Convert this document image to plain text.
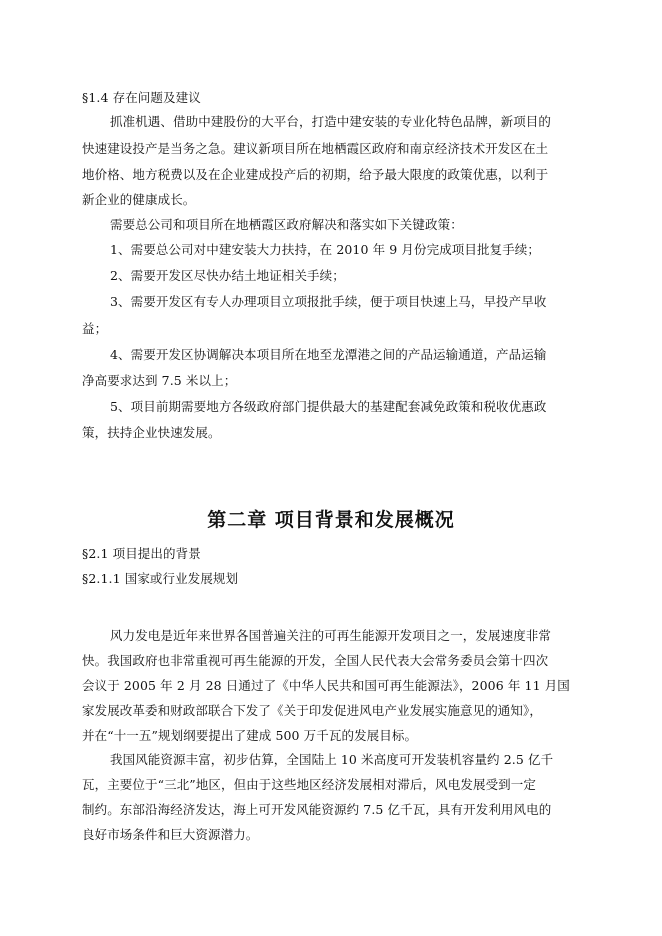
§1.4 存在问题及建议
抓准机遇、借助中建股份的大平台，打造中建安装的专业化特色品牌，新项目的
快速建设投产是当务之急。建议新项目所在地栖霞区政府和南京经济技术开发区在土
地价格、地方税费以及在企业建成投产后的初期，给予最大限度的政策优惠，以利于
新企业的健康成长。
需要总公司和项目所在地栖霞区政府解决和落实如下关键政策：
1、需要总公司对中建安装大力扶持，在 2010 年 9 月份完成项目批复手续；
2、需要开发区尽快办结土地证相关手续；
3、需要开发区有专人办理项目立项报批手续，便于项目快速上马，早投产早收
益；
4、需要开发区协调解决本项目所在地至龙潭港之间的产品运输通道，产品运输
净高要求达到 7.5 米以上；
5、项目前期需要地方各级政府部门提供最大的基建配套减免政策和税收优惠政
策，扶持企业快速发展。
第二章 项目背景和发展概况
§2.1 项目提出的背景
§2.1.1 国家或行业发展规划
风力发电是近年来世界各国普遍关注的可再生能源开发项目之一，发展速度非常
快。我国政府也非常重视可再生能源的开发，全国人民代表大会常务委员会第十四次
会议于 2005 年 2 月 28 日通过了《中华人民共和国可再生能源法》，2006 年 11 月国
家发展改革委和财政部联合下发了《关于印发促进风电产业发展实施意见的通知》，
并在“十一五”规划纲要提出了建成 500 万千瓦的发展目标。
我国风能资源丰富，初步估算，全国陆上 10 米高度可开发装机容量约 2.5 亿千
瓦，主要位于“三北”地区，但由于这些地区经济发展相对滞后，风电发展受到一定
制约。东部沿海经济发达，海上可开发风能资源约 7.5 亿千瓦，具有开发利用风电的
良好市场条件和巨大资源潜力。
